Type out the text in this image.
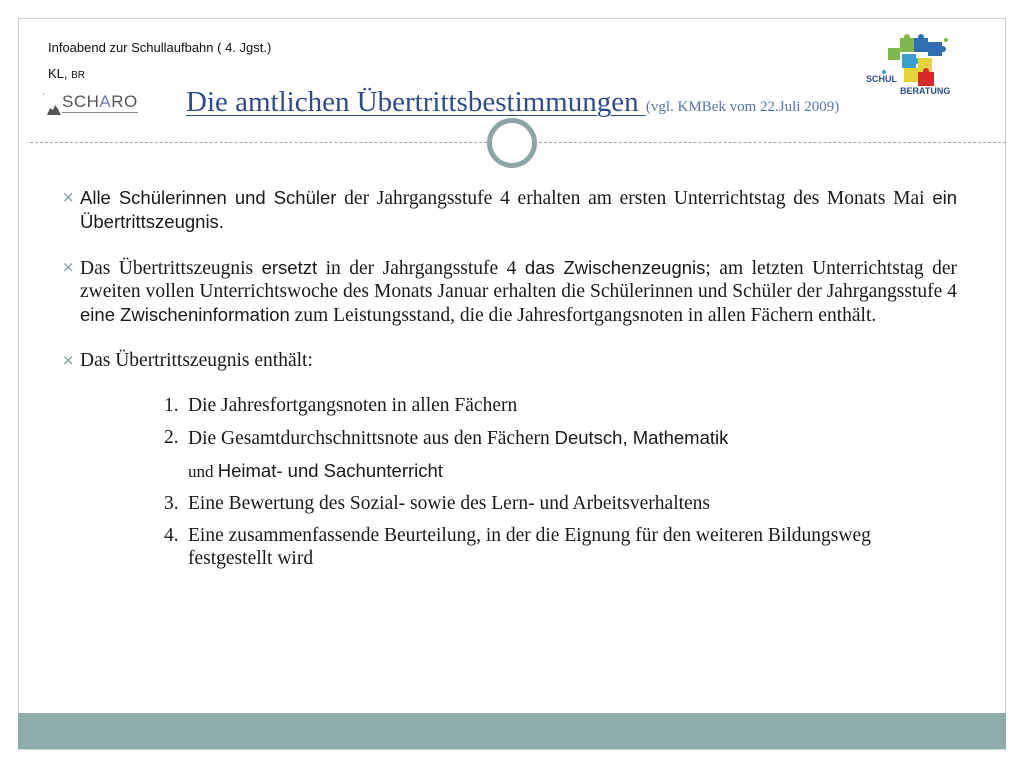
Infoabend zur Schullaufbahn ( 4. Jgst.)
KL, BR
· SCHARO Die amtlichen Übertrittsbestimmungen (vgl. KMBek vom 22.Juli 2009)
SCHUL
BERATUNG
× Alle Schülerinnen und Schüler der Jahrgangsstufe 4 erhalten am ersten Unterrichtstag des Monats Mai ein Übertrittszeugnis.
× Das Übertrittszeugnis ersetzt in der Jahrgangsstufe 4 das Zwischenzeugnis; am letzten Unterrichtstag der zweiten vollen Unterrichtswoche des Monats Januar erhalten die Schülerinnen und Schüler der Jahrgangsstufe 4 eine Zwischeninformation zum Leistungsstand, die die Jahresfortgangsnoten in allen Fächern enthält.
× Das Übertrittszeugnis enthält:
1. Die Jahresfortgangsnoten in allen Fächern
2. Die Gesamtdurchschnittsnote aus den Fächern Deutsch, Mathematik
und Heimat- und Sachunterricht
3. Eine Bewertung des Sozial- sowie des Lern- und Arbeitsverhaltens
4. Eine zusammenfassende Beurteilung, in der die Eignung für den weiteren Bildungsweg festgestellt wird
